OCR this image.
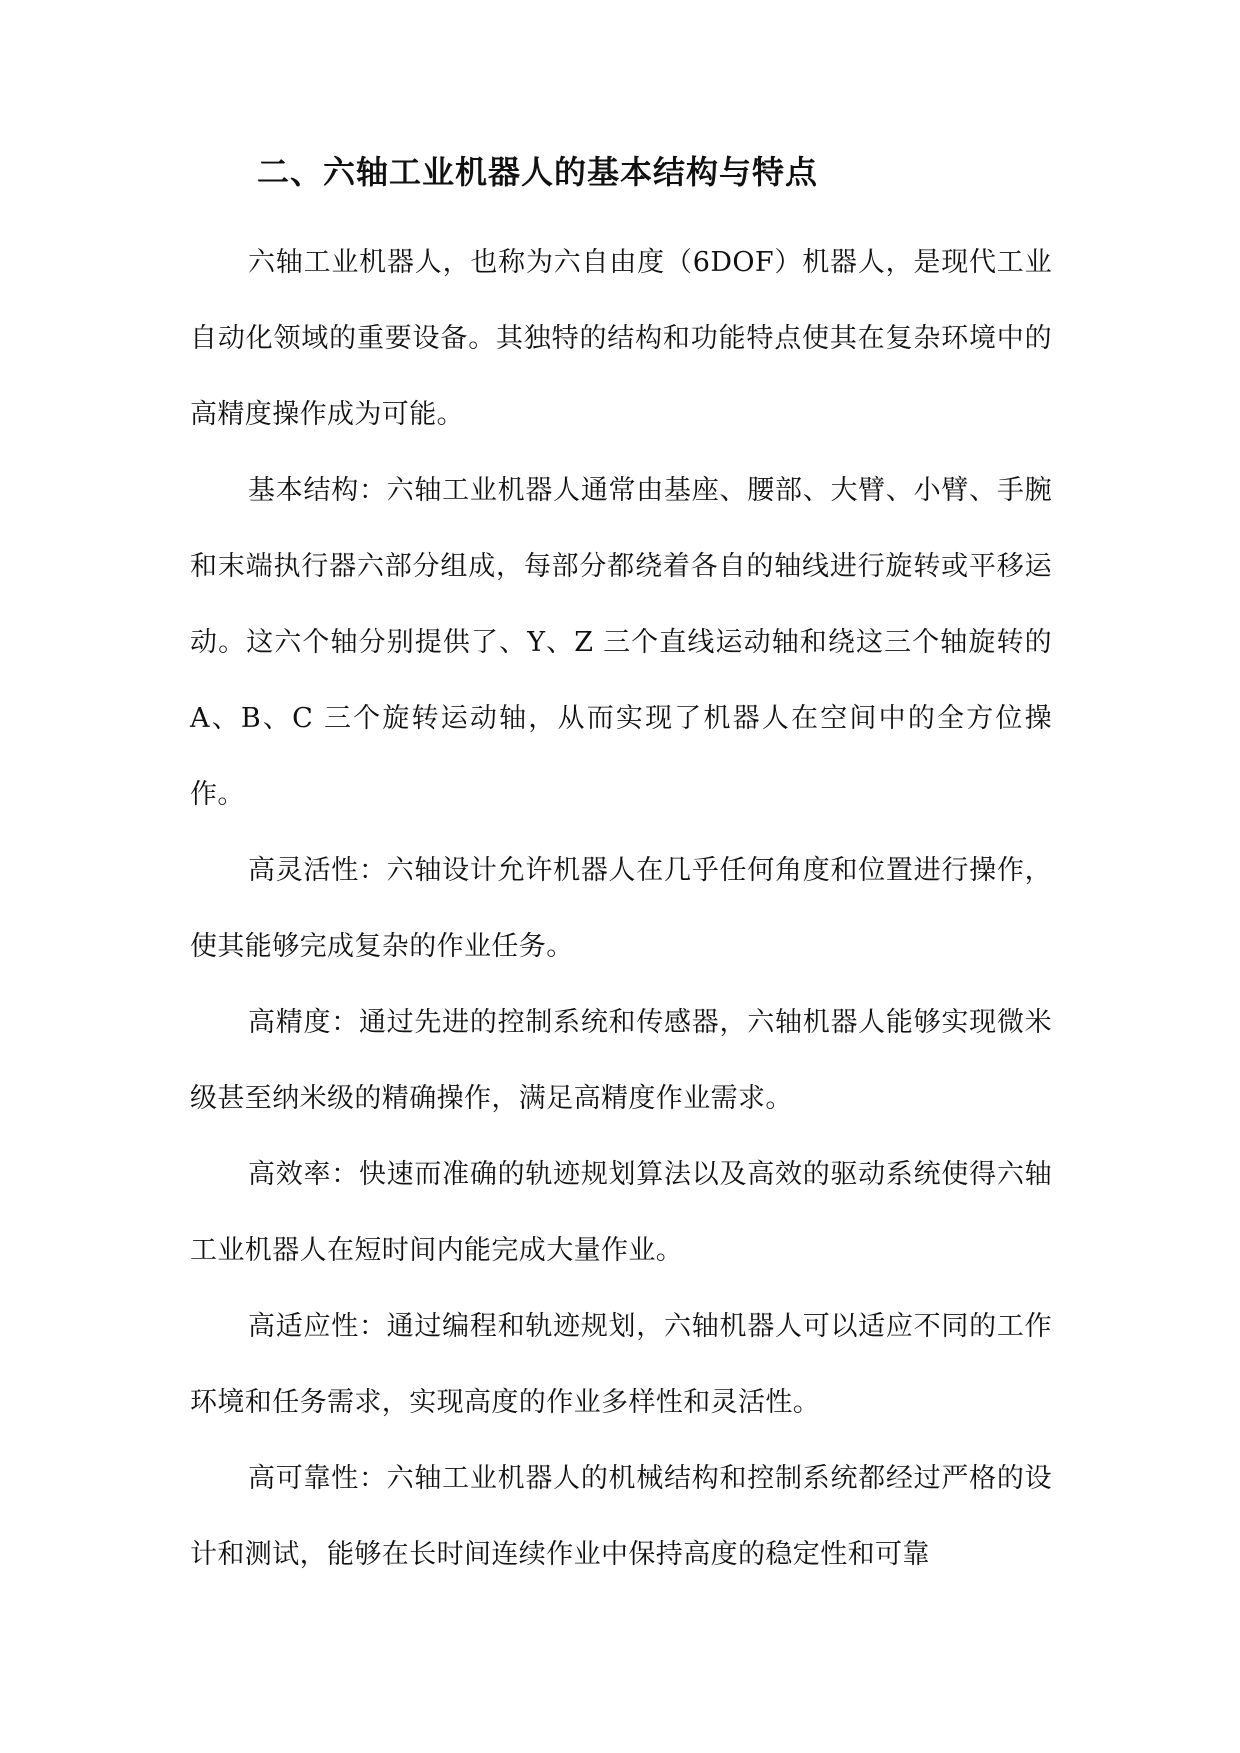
二、六轴工业机器人的基本结构与特点

六轴工业机器人，也称为六自由度（6DOF）机器人，是现代工业自动化领域的重要设备。其独特的结构和功能特点使其在复杂环境中的高精度操作成为可能。

基本结构：六轴工业机器人通常由基座、腰部、大臂、小臂、手腕和末端执行器六部分组成，每部分都绕着各自的轴线进行旋转或平移运动。这六个轴分别提供了、Y、Z 三个直线运动轴和绕这三个轴旋转的 A、B、C 三个旋转运动轴，从而实现了机器人在空间中的全方位操作。

高灵活性：六轴设计允许机器人在几乎任何角度和位置进行操作，使其能够完成复杂的作业任务。

高精度：通过先进的控制系统和传感器，六轴机器人能够实现微米级甚至纳米级的精确操作，满足高精度作业需求。

高效率：快速而准确的轨迹规划算法以及高效的驱动系统使得六轴工业机器人在短时间内能完成大量作业。

高适应性：通过编程和轨迹规划，六轴机器人可以适应不同的工作环境和任务需求，实现高度的作业多样性和灵活性。

高可靠性：六轴工业机器人的机械结构和控制系统都经过严格的设计和测试，能够在长时间连续作业中保持高度的稳定性和可靠
